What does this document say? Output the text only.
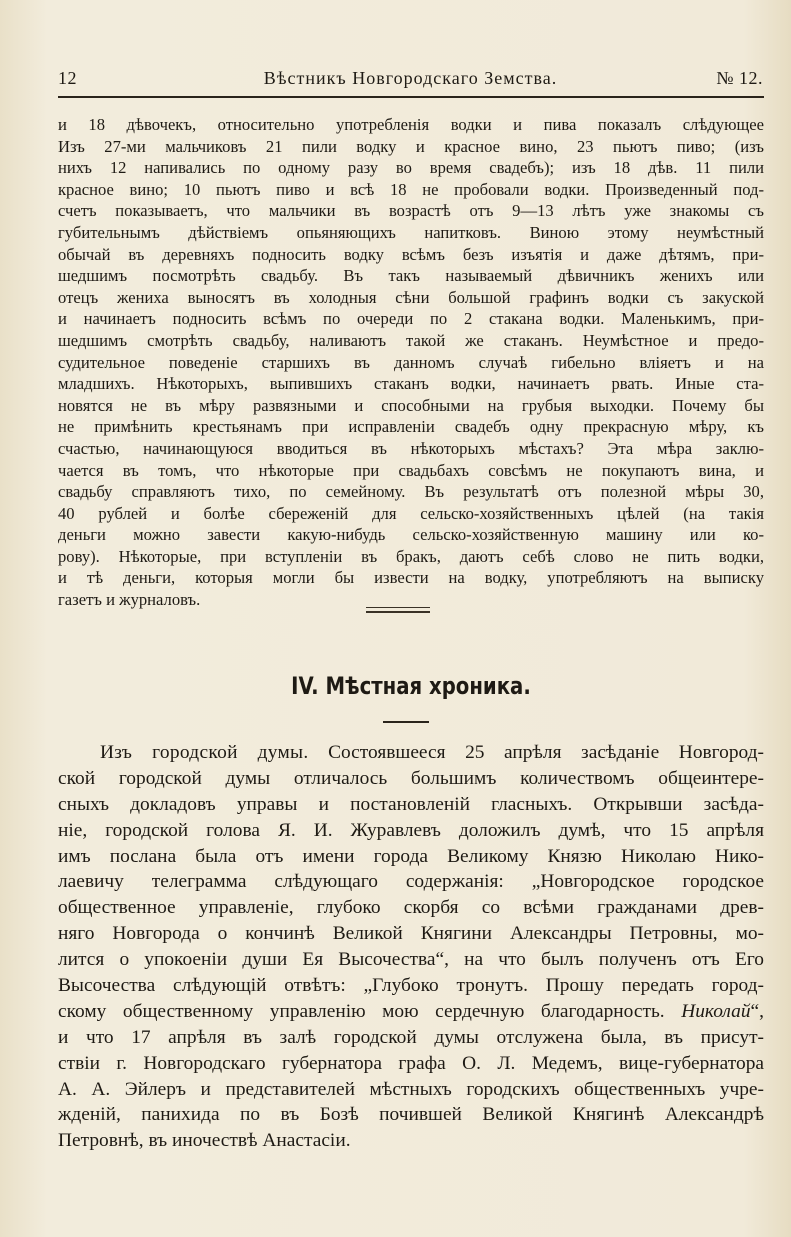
12	Вѣстникъ Новгородскаго Земства.	№ 12.
и 18 дѣвочекъ, относительно употребленія водки и пива показалъ слѣдующее
Изъ 27-ми мальчиковъ 21 пили водку и красное вино, 23 пьютъ пиво; (изъ
нихъ 12 напивались по одному разу во время свадебъ); изъ 18 дѣв. 11 пили
красное вино; 10 пьютъ пиво и всѣ 18 не пробовали водки. Произведенный под-
счетъ показываетъ, что мальчики въ возрастѣ отъ 9—13 лѣтъ уже знакомы съ
губительнымъ дѣйствіемъ опьяняющихъ напитковъ. Виною этому неумѣстный
обычай въ деревняхъ подносить водку всѣмъ безъ изъятія и даже дѣтямъ, при-
шедшимъ посмотрѣть свадьбу. Въ такъ называемый дѣвичникъ женихъ или
отецъ жениха выносятъ въ холодныя сѣни большой графинъ водки съ закуской
и начинаетъ подносить всѣмъ по очереди по 2 стакана водки. Маленькимъ, при-
шедшимъ смотрѣть свадьбу, наливаютъ такой же стаканъ. Неумѣстное и предо-
судительное поведеніе старшихъ въ данномъ случаѣ гибельно вліяетъ и на
младшихъ. Нѣкоторыхъ, выпившихъ стаканъ водки, начинаетъ рвать. Иные ста-
новятся не въ мѣру развязными и способными на грубыя выходки. Почему бы
не примѣнить крестьянамъ при исправленіи свадебъ одну прекрасную мѣру, къ
счастью, начинающуюся вводиться въ нѣкоторыхъ мѣстахъ? Эта мѣра заклю-
чается въ томъ, что нѣкоторые при свадьбахъ совсѣмъ не покупаютъ вина, и
свадьбу справляютъ тихо, по семейному. Въ результатѣ отъ полезной мѣры 30,
40 рублей и болѣе сбереженій для сельско-хозяйственныхъ цѣлей (на такія
деньги можно завести какую-нибудь сельско-хозяйственную машину или ко-
рову). Нѣкоторые, при вступленіи въ бракъ, даютъ себѣ слово не пить водки,
и тѣ деньги, которыя могли бы извести на водку, употребляютъ на выписку
газетъ и журналовъ.
IV. Мѣстная хроника.
Изъ городской думы. Состоявшееся 25 апрѣля засѣданіе Новгород-
ской городской думы отличалось большимъ количествомъ общеинтере-
сныхъ докладовъ управы и постановленій гласныхъ. Открывши засѣда-
ніе, городской голова Я. И. Журавлевъ доложилъ думѣ, что 15 апрѣля
имъ послана была отъ имени города Великому Князю Николаю Нико-
лаевичу телеграмма слѣдующаго содержанія: „Новгородское городское
общественное управленіе, глубоко скорбя со всѣми гражданами древ-
няго Новгорода о кончинѣ Великой Княгини Александры Петровны, мо-
лится о упокоеніи души Ея Высочества“, на что былъ полученъ отъ Его
Высочества слѣдующій отвѣтъ: „Глубоко тронутъ. Прошу передать город-
скому общественному управленію мою сердечную благодарность. Николай“,
и что 17 апрѣля въ залѣ городской думы отслужена была, въ присут-
ствіи г. Новгородскаго губернатора графа О. Л. Медемъ, вице-губернатора
А. А. Эйлеръ и представителей мѣстныхъ городскихъ общественныхъ учре-
жденій, панихида по въ Бозѣ почившей Великой Княгинѣ Александрѣ
Петровнѣ, въ иночествѣ Анастасіи.
